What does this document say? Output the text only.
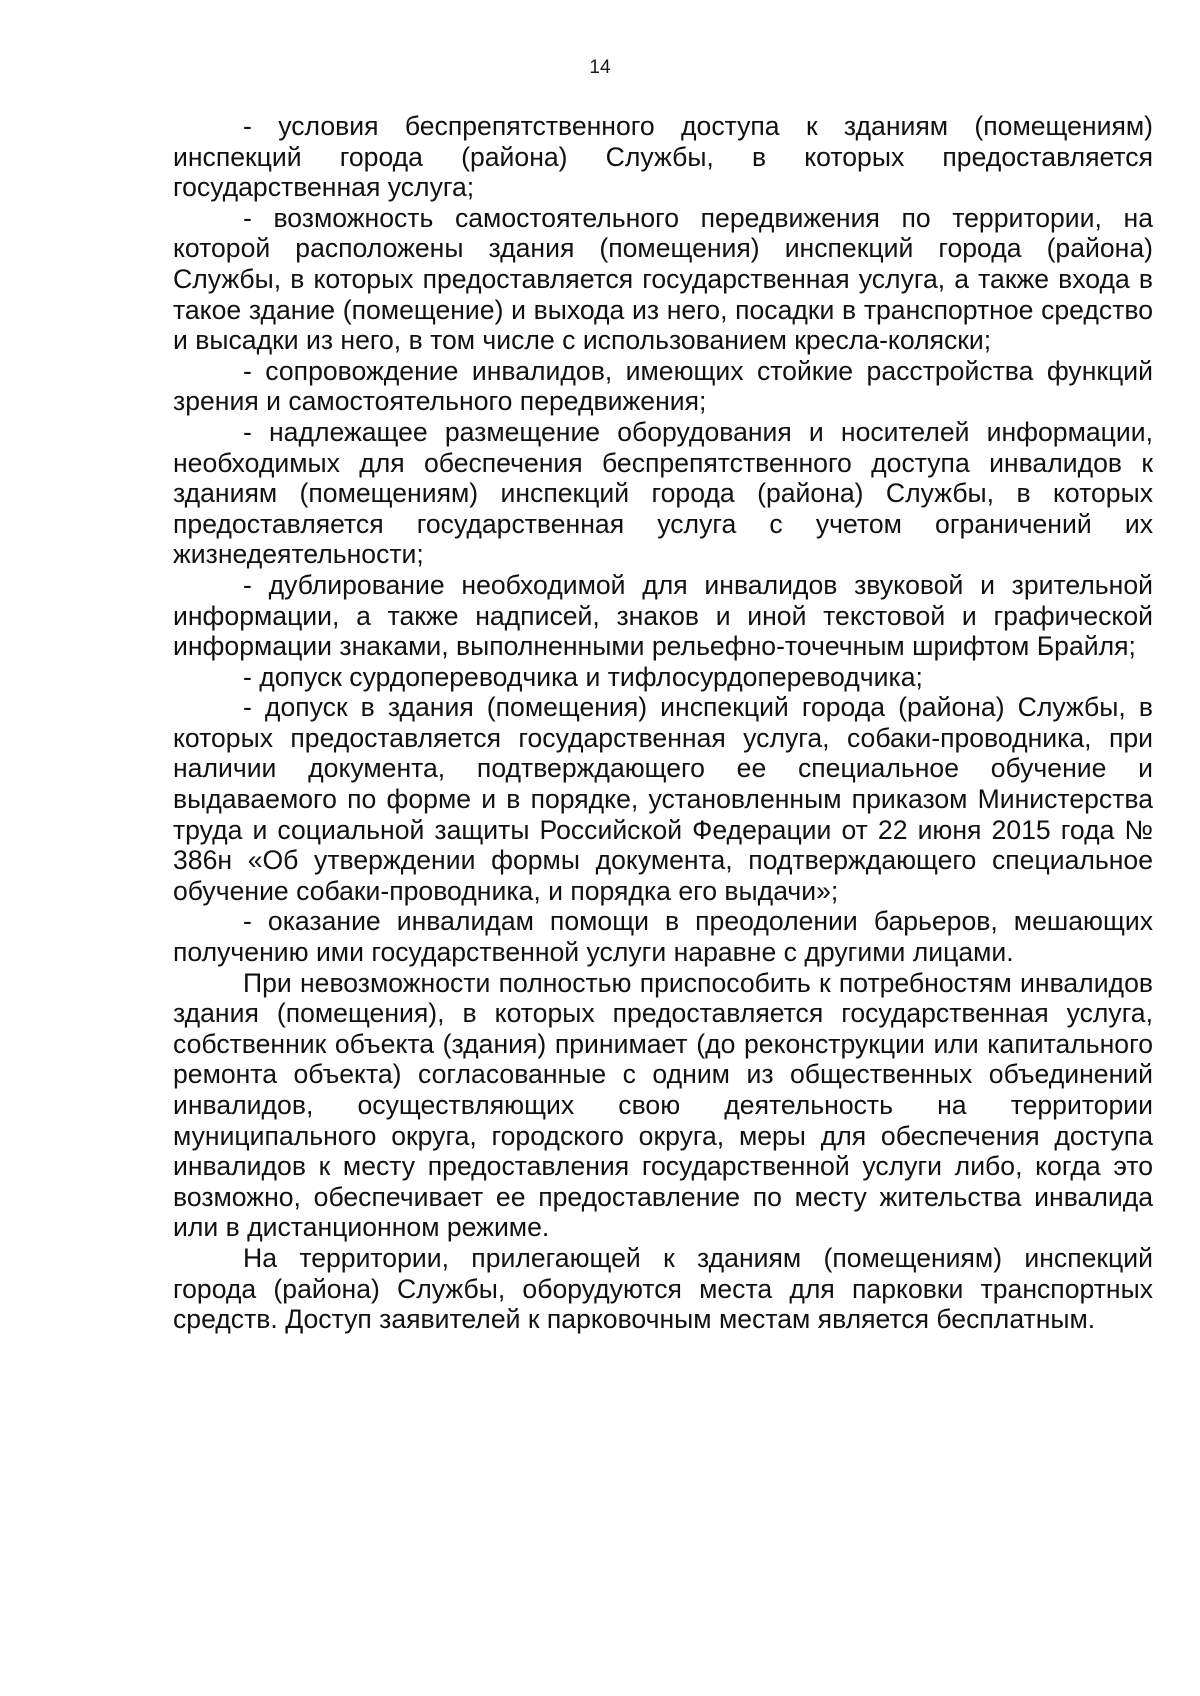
14

- условия беспрепятственного доступа к зданиям (помещениям) инспекций города (района) Службы, в которых предоставляется государственная услуга;

- возможность самостоятельного передвижения по территории, на которой расположены здания (помещения) инспекций города (района) Службы, в которых предоставляется государственная услуга, а также входа в такое здание (помещение) и выхода из него, посадки в транспортное средство и высадки из него, в том числе с использованием кресла-коляски;

- сопровождение инвалидов, имеющих стойкие расстройства функций зрения и самостоятельного передвижения;

- надлежащее размещение оборудования и носителей информации, необходимых для обеспечения беспрепятственного доступа инвалидов к зданиям (помещениям) инспекций города (района) Службы, в которых предоставляется государственная услуга с учетом ограничений их жизнедеятельности;

- дублирование необходимой для инвалидов звуковой и зрительной информации, а также надписей, знаков и иной текстовой и графической информации знаками, выполненными рельефно-точечным шрифтом Брайля;

- допуск сурдопереводчика и тифлосурдопереводчика;

- допуск в здания (помещения) инспекций города (района) Службы, в которых предоставляется государственная услуга, собаки-проводника, при наличии документа, подтверждающего ее специальное обучение и выдаваемого по форме и в порядке, установленным приказом Министерства труда и социальной защиты Российской Федерации от 22 июня 2015 года № 386н «Об утверждении формы документа, подтверждающего специальное обучение собаки-проводника, и порядка его выдачи»;

- оказание инвалидам помощи в преодолении барьеров, мешающих получению ими государственной услуги наравне с другими лицами.

При невозможности полностью приспособить к потребностям инвалидов здания (помещения), в которых предоставляется государственная услуга, собственник объекта (здания) принимает (до реконструкции или капитального ремонта объекта) согласованные с одним из общественных объединений инвалидов, осуществляющих свою деятельность на территории муниципального округа, городского округа, меры для обеспечения доступа инвалидов к месту предоставления государственной услуги либо, когда это возможно, обеспечивает ее предоставление по месту жительства инвалида или в дистанционном режиме.

На территории, прилегающей к зданиям (помещениям) инспекций города (района) Службы, оборудуются места для парковки транспортных средств. Доступ заявителей к парковочным местам является бесплатным.
